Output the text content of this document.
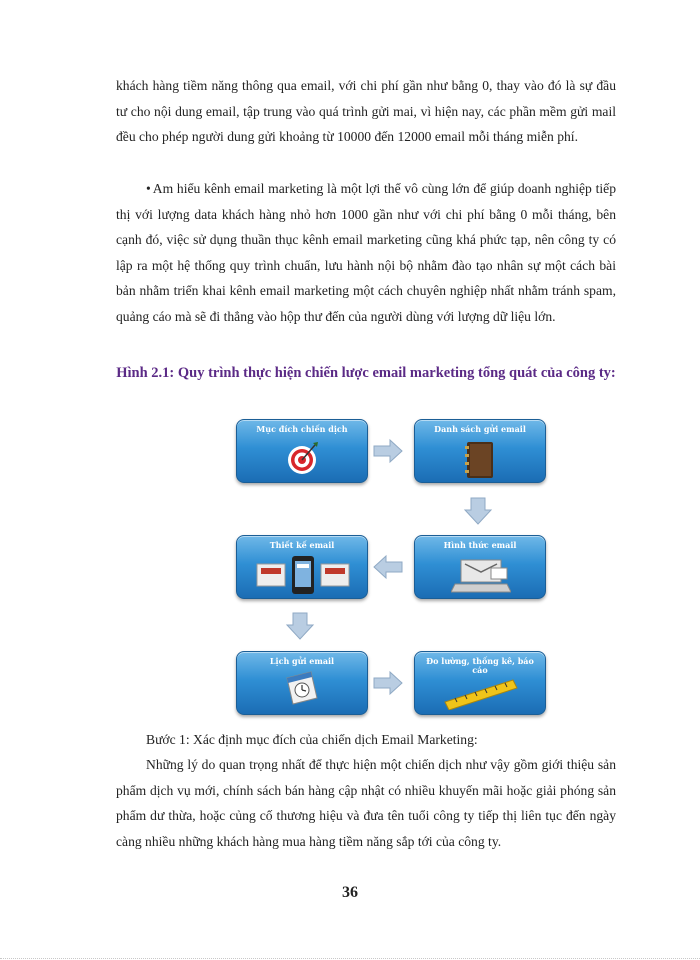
khách hàng tiềm năng thông qua email, với chi phí gần như bằng 0, thay vào đó là sự đầu tư cho nội dung email, tập trung vào quá trình gửi mai, vì hiện nay, các phần mềm gửi mail đều cho phép người dung gửi khoảng từ 10000 đến 12000 email mỗi tháng miễn phí.

• Am hiểu kênh email marketing là một lợi thế vô cùng lớn để giúp doanh nghiệp tiếp thị với lượng data khách hàng nhỏ hơn 1000 gần như với chi phí bằng 0 mỗi tháng, bên cạnh đó, việc sử dụng thuần thục kênh email marketing cũng khá phức tạp, nên công ty có lập ra một hệ thống quy trình chuẩn, lưu hành nội bộ nhằm đào tạo nhân sự một cách bài bản nhằm triển khai kênh email marketing một cách chuyên nghiệp nhất nhằm tránh spam, quảng cáo mà sẽ đi thẳng vào hộp thư đến của người dùng với lượng dữ liệu lớn.

Hình 2.1: Quy trình thực hiện chiến lược email marketing tổng quát của công ty:

Mục đích chiến dịch	Danh sách gửi email
Thiết kế email	Hình thức email
Lịch gửi email	Đo lường, thống kê, báo cáo

Bước 1: Xác định mục đích của chiến dịch Email Marketing:

Những lý do quan trọng nhất để thực hiện một chiến dịch như vậy gồm giới thiệu sản phẩm dịch vụ mới, chính sách bán hàng cập nhật có nhiều khuyến mãi hoặc giải phóng sản phẩm dư thừa, hoặc củng cố thương hiệu và đưa tên tuổi công ty tiếp thị liên tục đến ngày càng nhiều những khách hàng mua hàng tiềm năng sắp tới của công ty.

36
